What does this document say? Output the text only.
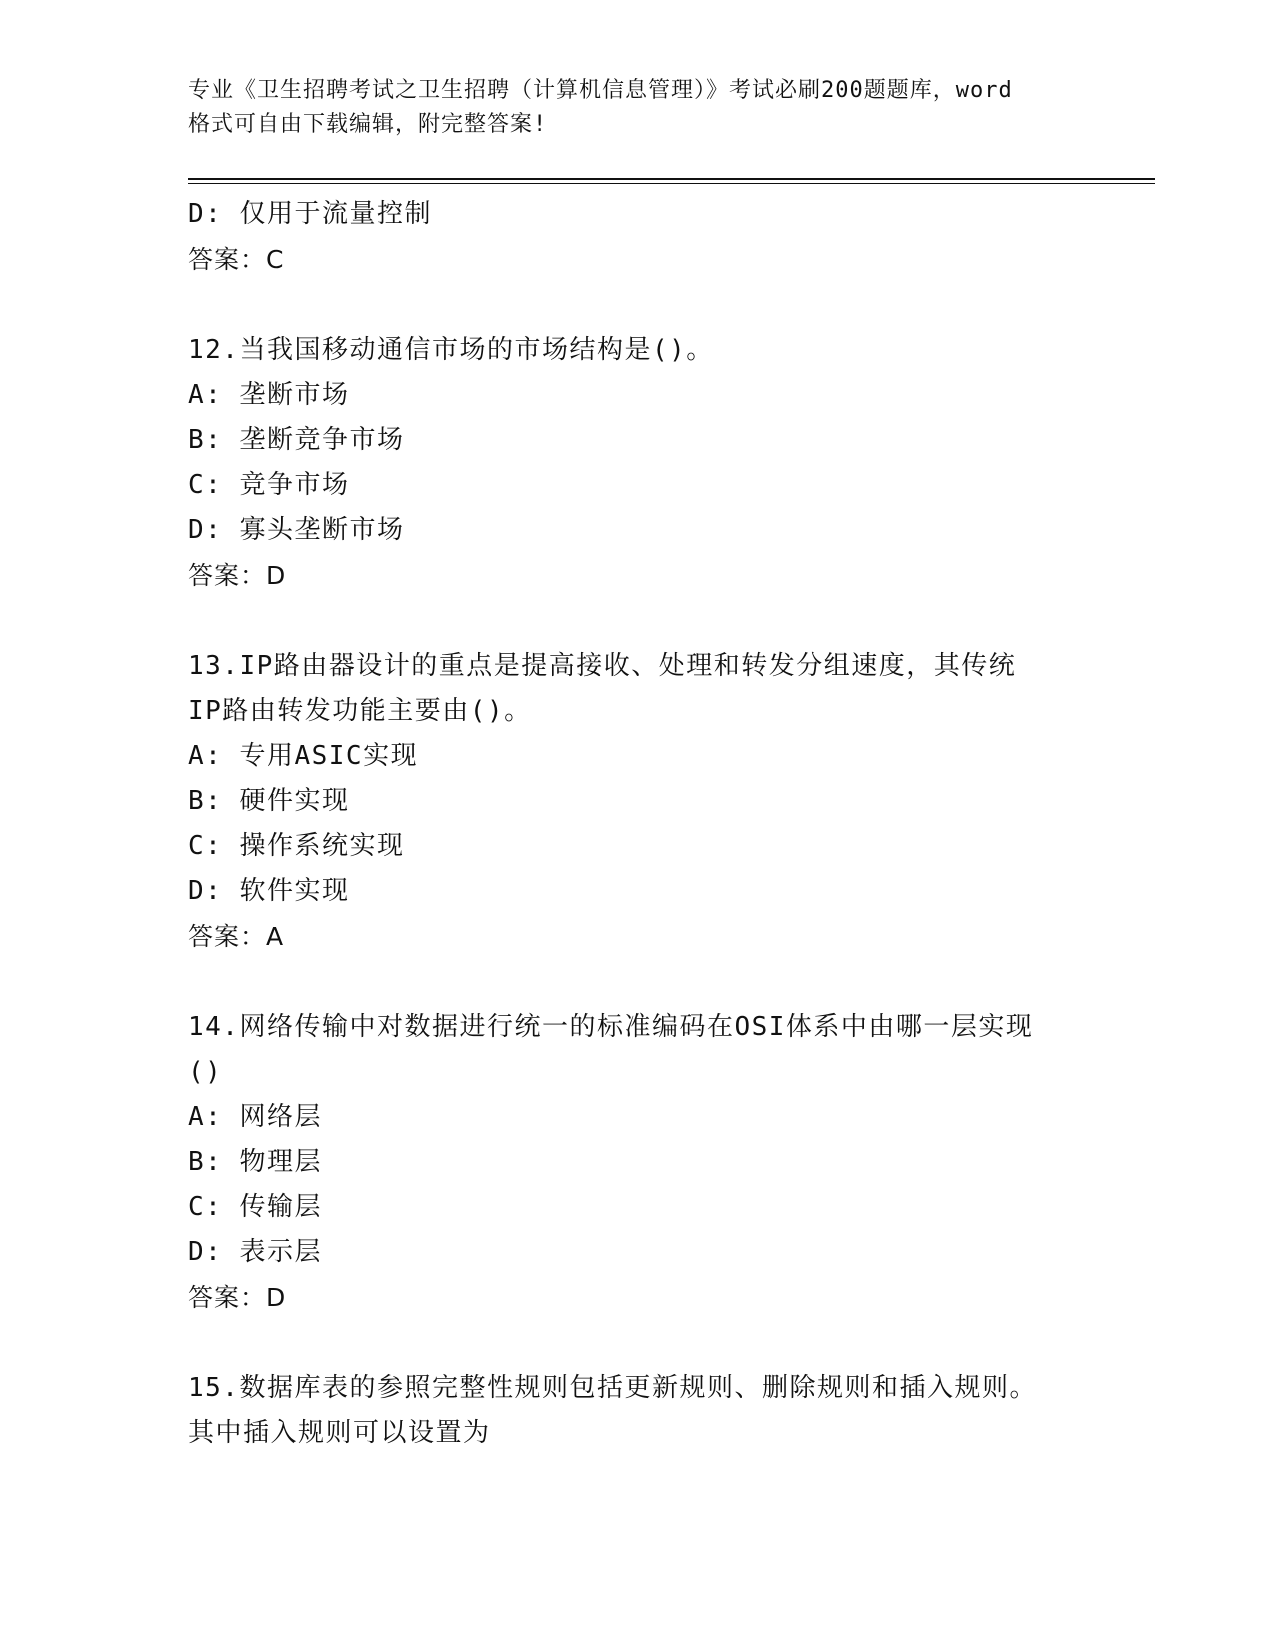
专业《卫生招聘考试之卫生招聘（计算机信息管理）》考试必刷200题题库，word
格式可自由下载编辑，附完整答案!
D: 仅用于流量控制
答案：C
12.当我国移动通信市场的市场结构是()。
A: 垄断市场
B: 垄断竞争市场
C: 竞争市场
D: 寡头垄断市场
答案：D
13.IP路由器设计的重点是提高接收、处理和转发分组速度，其传统
IP路由转发功能主要由()。
A: 专用ASIC实现
B: 硬件实现
C: 操作系统实现
D: 软件实现
答案：A
14.网络传输中对数据进行统一的标准编码在OSI体系中由哪一层实现
()
A: 网络层
B: 物理层
C: 传输层
D: 表示层
答案：D
15.数据库表的参照完整性规则包括更新规则、删除规则和插入规则。
其中插入规则可以设置为
